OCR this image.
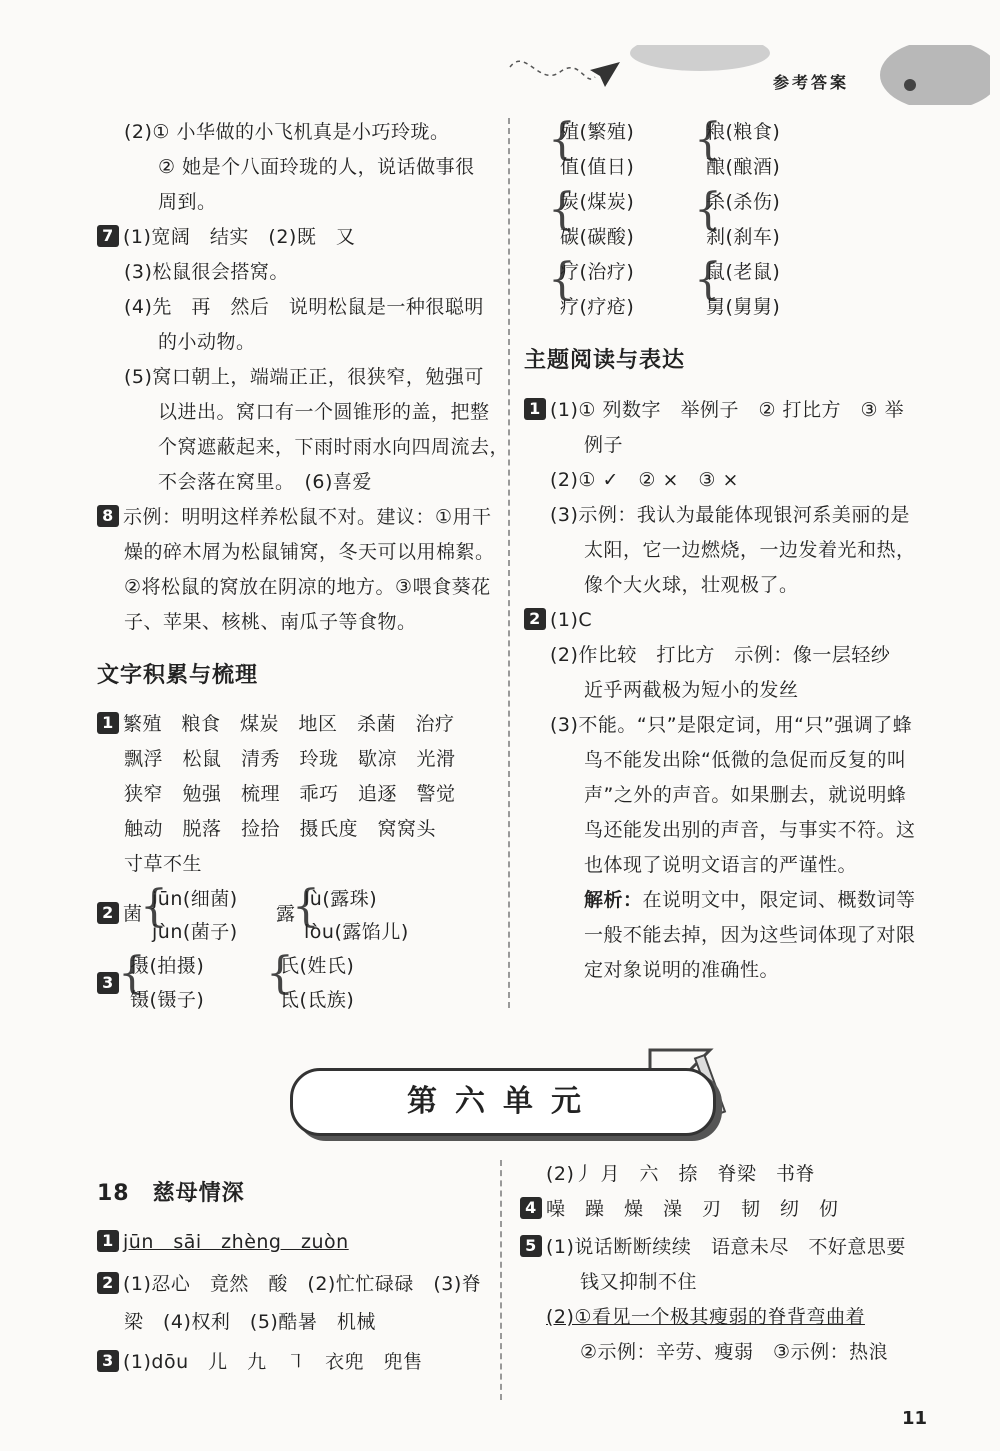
参考答案
(2)① 小华做的小飞机真是小巧玲珑。
② 她是个八面玲珑的人，说话做事很
周到。
7 (1)宽阔　结实　(2)既　又
(3)松鼠很会搭窝。
(4)先　再　然后　说明松鼠是一种很聪明
的小动物。
(5)窝口朝上，端端正正，很狭窄，勉强可
以进出。窝口有一个圆锥形的盖，把整
个窝遮蔽起来，下雨时雨水向四周流去，
不会落在窝里。　(6)喜爱
8 示例：明明这样养松鼠不对。建议：①用干
燥的碎木屑为松鼠铺窝，冬天可以用棉絮。
②将松鼠的窝放在阴凉的地方。③喂食葵花
子、苹果、核桃、南瓜子等食物。
文字积累与梳理
1 繁殖　粮食　煤炭　地区　杀菌　治疗
飘浮　松鼠　清秀　玲珑　歇凉　光滑
狭窄　勉强　梳理　乖巧　追逐　警觉
触动　脱落　捡拾　摄氏度　窝窝头
寸草不生
2 菌
{
jūn(细菌)
jùn(菌子)
露
{
lù(露珠)
lòu(露馅儿)
3 {
摄(拍摄)
镊(镊子)
{
氏(姓氏)
氐(氐族)
{
殖(繁殖)
值(值日)
{
粮(粮食)
酿(酿酒)
{
炭(煤炭)
碳(碳酸)
{
杀(杀伤)
刹(刹车)
{
疗(治疗)
疗(疗疮)
{
鼠(老鼠)
舅(舅舅)
主题阅读与表达
1 (1)① 列数字　举例子　② 打比方　③ 举
例子
(2)① ✓　② ×　③ ×
(3)示例：我认为最能体现银河系美丽的是
太阳，它一边燃烧，一边发着光和热，
像个大火球，壮观极了。
2 (1)C
(2)作比较　打比方　示例：像一层轻纱
近乎两截极为短小的发丝
(3)不能。“只”是限定词，用“只”强调了蜂
鸟不能发出除“低微的急促而反复的叫
声”之外的声音。如果删去，就说明蜂
鸟还能发出别的声音，与事实不符。这
也体现了说明文语言的严谨性。
解析：在说明文中，限定词、概数词等
一般不能去掉，因为这些词体现了对限
定对象说明的准确性。
第六单元
18　 慈母情深
1 jūn　sāi　zhèng　zuòn
2 (1)忍心　竟然　酸　(2)忙忙碌碌　(3)脊
梁　(4)权利　(5)酷暑　机械
3 (1)dōu　儿　九　㇕　衣兜　兜售
(2)丿 月　六　捺　脊梁　书脊
4 噪　躁　燥　澡　刃　韧　纫　仞
5 (1)说话断断续续　语意未尽　不好意思要
钱又抑制不住
(2)①看见一个极其瘦弱的脊背弯曲着
②示例：辛劳、瘦弱　③示例：热浪
11
